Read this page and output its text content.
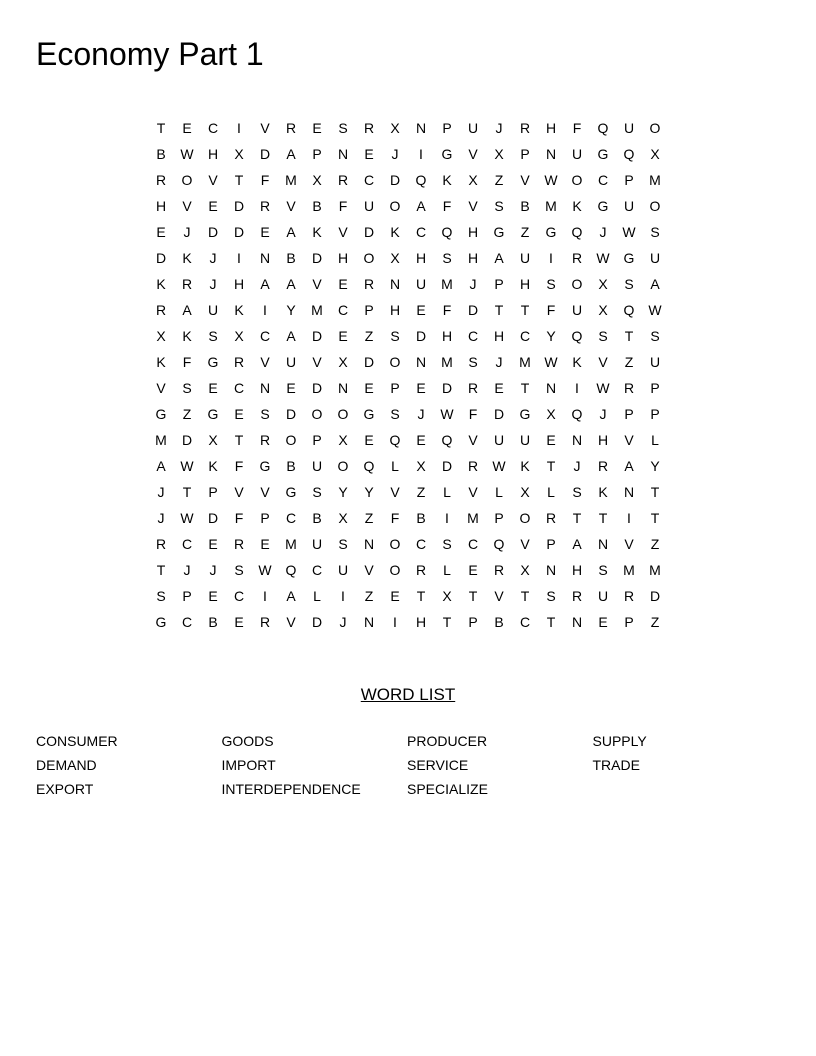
Economy Part 1
T	E	C	I	V	R	E	S	R	X	N	P	U	J	R	H	F	Q	U	O
B	W	H	X	D	A	P	N	E	J	I	G	V	X	P	N	U	G	Q	X
R	O	V	T	F	M	X	R	C	D	Q	K	X	Z	V	W O	C	P	M
H	V	E	D	R	V	B	F	U	O	A	F	V	S	B	M	K	G	U	O
E	J	D	D	E	A	K	V	D	K	C	Q	H	G	Z	G	Q	J	W	S
D	K	J	I	N	B	D	H	O	X	H	S	H	A	U	I	R	W G	U
K	R	J	H	A	A	V	E	R	N	U	M	J	P	H	S	O	X	S	A
R	A	U	K	I	Y	M	C	P	H	E	F	D	T	T	F	U	X	Q W
X	K	S	X	C	A	D	E	Z	S	D	H	C	H	C	Y	Q	S	T	S
K	F	G	R	V	U	V	X	D	O	N	M	S	J	M W	K	V	Z	U
V	S	E	C	N	E	D	N	E	P	E	D	R	E	T	N	I	W	R	P
G	Z	G	E	S	D	O	O	G	S	J	W	F	D	G	X	Q	J	P	P
M	D	X	T	R	O	P	X	E	Q	E	Q	V	U	U	E	N	H	V	L
A	W	K	F	G	B	U	O	Q	L	X	D	R	W	K	T	J	R	A	Y
J	T	P	V	V	G	S	Y	Y	V	Z	L	V	L	X	L	S	K	N	T
J	W	D	F	P	C	B	X	Z	F	B	I	M	P	O	R	T	T	I	T
R	C	E	R	E	M	U	S	N	O	C	S	C	Q	V	P	A	N	V	Z
T	J	J	S	W Q	C	U	V	O	R	L	E	R	X	N	H	S	M	M
S	P	E	C	I	A	L	I	Z	E	T	X	T	V	T	S	R	U	R	D
G	C	B	E	R	V	D	J	N	I	H	T	P	B	C	T	N	E	P	Z
WORD LIST
CONSUMER	GOODS	PRODUCER	SUPPLY
DEMAND	IMPORT	SERVICE	TRADE
EXPORT	INTERDEPENDENCE	SPECIALIZE
